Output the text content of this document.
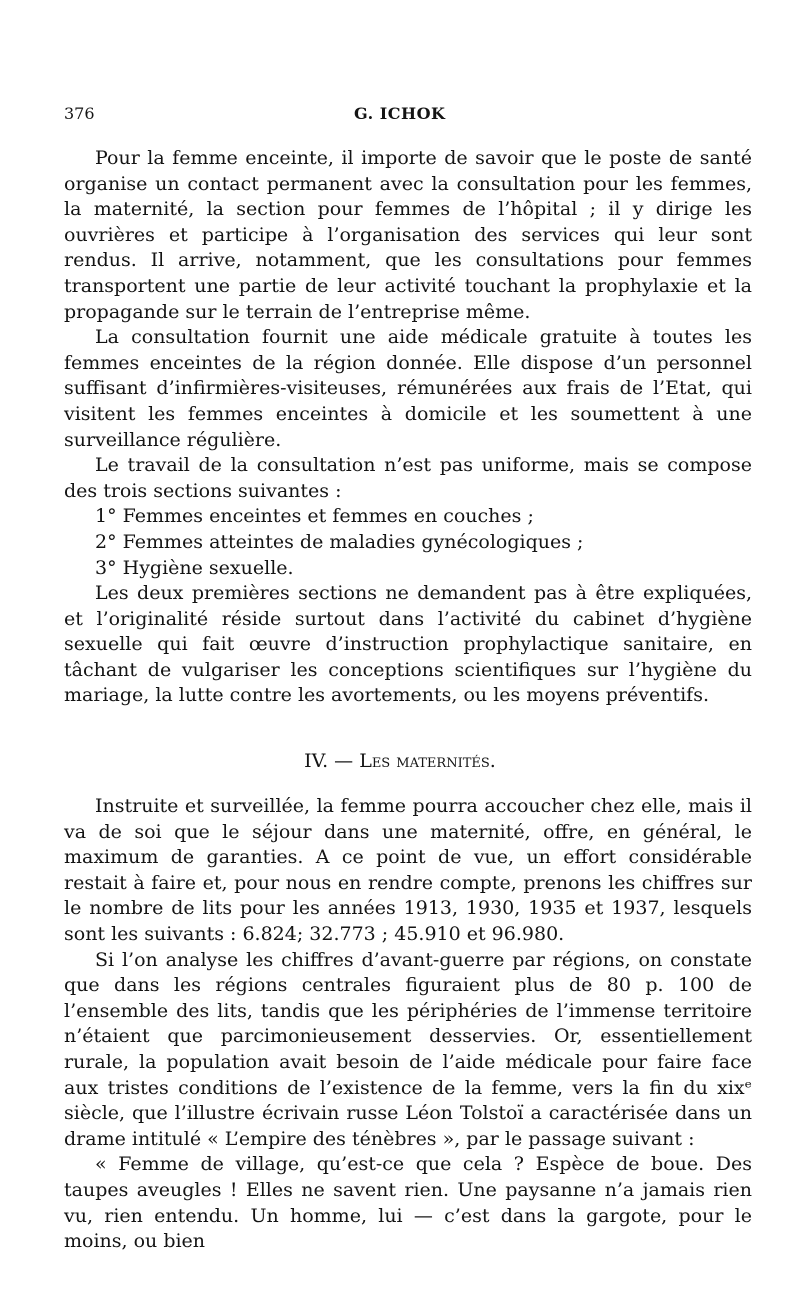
376	G. ICHOK

Pour la femme enceinte, il importe de savoir que le poste de santé organise un contact permanent avec la consultation pour les femmes, la maternité, la section pour femmes de l’hôpital ; il y dirige les ouvrières et participe à l’organisation des services qui leur sont rendus. Il arrive, notamment, que les consultations pour femmes transportent une partie de leur activité touchant la prophylaxie et la propagande sur le terrain de l’entreprise même.

La consultation fournit une aide médicale gratuite à toutes les femmes enceintes de la région donnée. Elle dispose d’un personnel suffisant d’infirmières-visiteuses, rémunérées aux frais de l’Etat, qui visitent les femmes enceintes à domicile et les soumettent à une surveillance régulière.

Le travail de la consultation n’est pas uniforme, mais se compose des trois sections suivantes :

1° Femmes enceintes et femmes en couches ;

2° Femmes atteintes de maladies gynécologiques ;

3° Hygiène sexuelle.

Les deux premières sections ne demandent pas à être expliquées, et l’originalité réside surtout dans l’activité du cabinet d’hygiène sexuelle qui fait œuvre d’instruction prophylactique sanitaire, en tâchant de vulgariser les conceptions scientifiques sur l’hygiène du mariage, la lutte contre les avortements, ou les moyens préventifs.

IV. — Les maternités.

Instruite et surveillée, la femme pourra accoucher chez elle, mais il va de soi que le séjour dans une maternité, offre, en général, le maximum de garanties. A ce point de vue, un effort considérable restait à faire et, pour nous en rendre compte, prenons les chiffres sur le nombre de lits pour les années 1913, 1930, 1935 et 1937, lesquels sont les suivants : 6.824; 32.773 ; 45.910 et 96.980.

Si l’on analyse les chiffres d’avant-guerre par régions, on constate que dans les régions centrales figuraient plus de 80 p. 100 de l’ensemble des lits, tandis que les périphéries de l’immense territoire n’étaient que parcimonieusement desservies. Or, essentiellement rurale, la population avait besoin de l’aide médicale pour faire face aux tristes conditions de l’existence de la femme, vers la fin du xixᵉ siècle, que l’illustre écrivain russe Léon Tolstoï a caractérisée dans un drame intitulé « L’empire des ténèbres », par le passage suivant :

« Femme de village, qu’est-ce que cela ? Espèce de boue. Des taupes aveugles ! Elles ne savent rien. Une paysanne n’a jamais rien vu, rien entendu. Un homme, lui — c’est dans la gargote, pour le moins, ou bien
